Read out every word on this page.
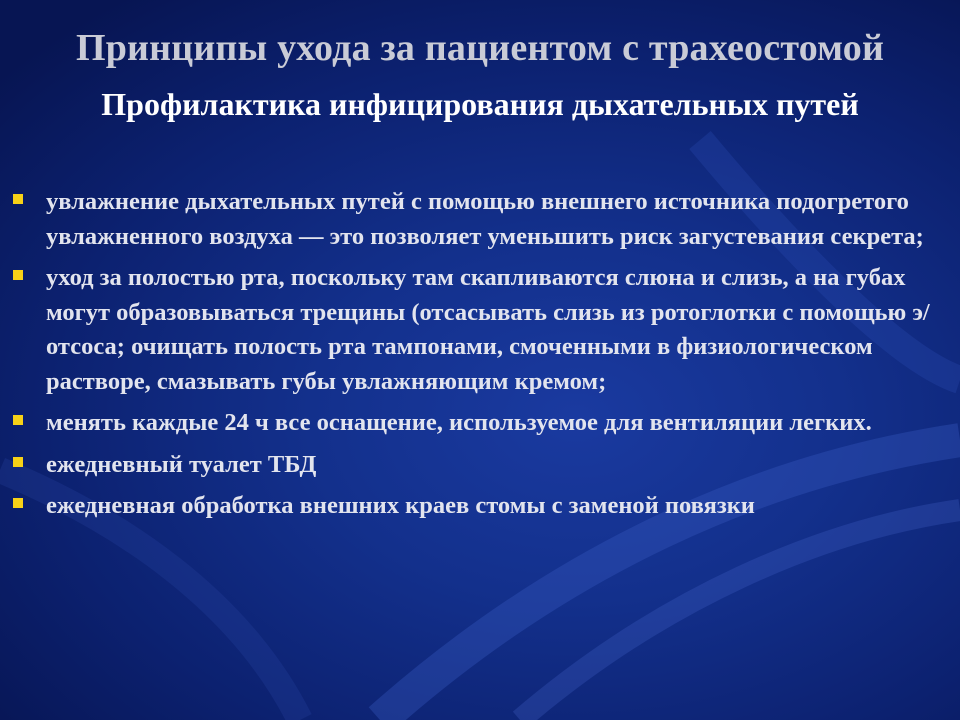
Принципы ухода за пациентом с трахеостомой
Профилактика инфицирования дыхательных путей
увлажнение дыхательных путей с помощью внешнего источника подогретого увлажненного воздуха — это позволяет уменьшить риск загустевания секрета;
уход за полостью рта, поскольку там скапливаются слюна и слизь, а на губах могут образовываться трещины (отсасывать слизь из ротоглотки с помощью э/отсоса; очищать полость рта тампонами, смоченными в физиологическом растворе, смазывать губы увлажняющим кремом;
менять каждые 24 ч все оснащение, используемое для вентиляции легких.
ежедневный туалет ТБД
ежедневная обработка внешних краев стомы с заменой повязки
